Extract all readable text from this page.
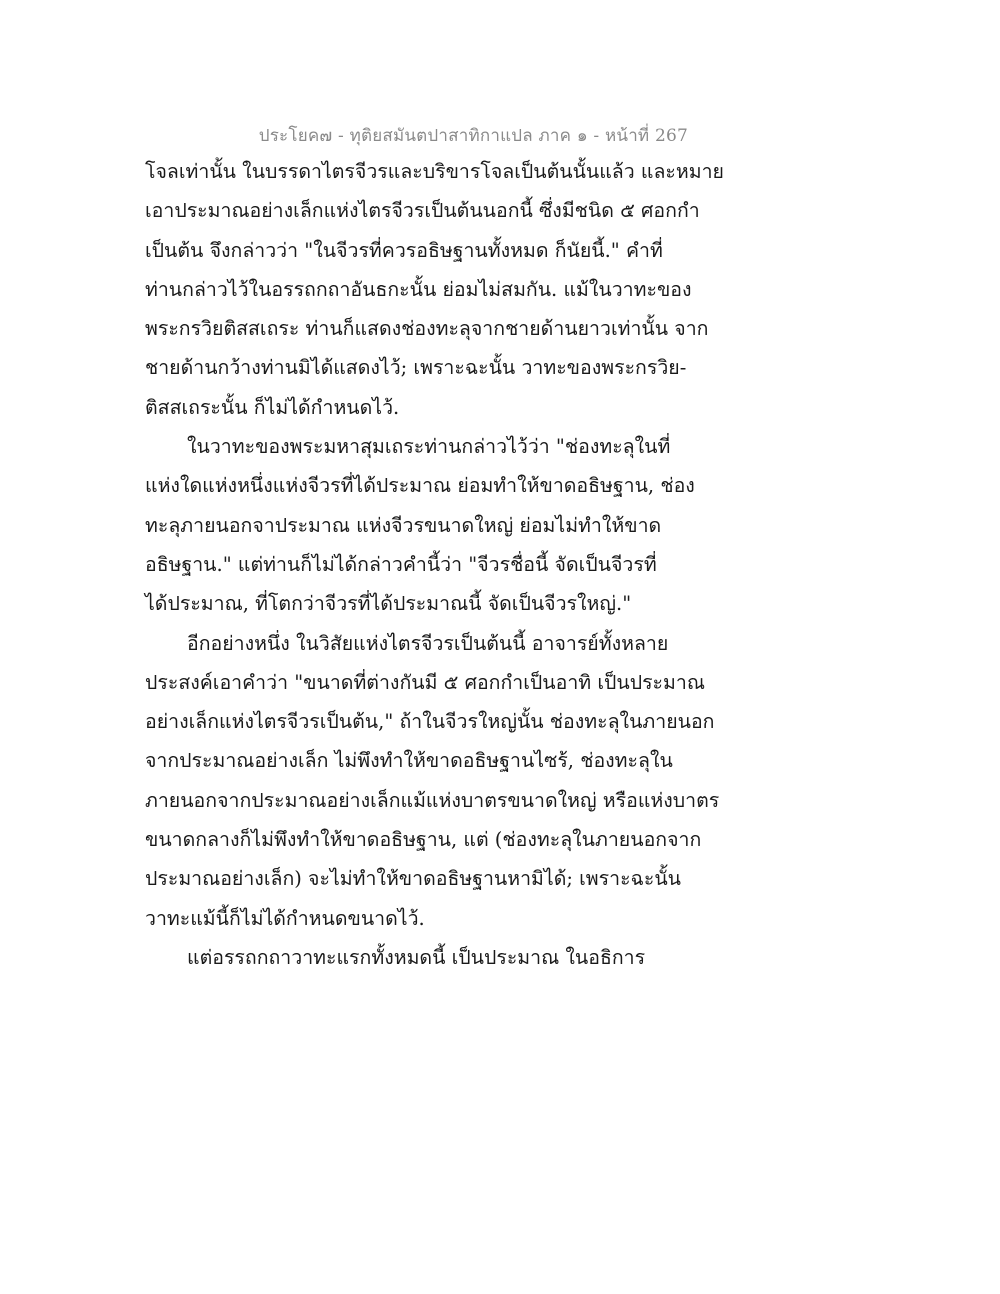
ประโยค๗ - ทุติยสมันตปาสาทิกาแปล ภาค ๑ - หน้าที่ 267
โจลเท่านั้น ในบรรดาไตรจีวรและบริขารโจลเป็นต้นนั้นแล้ว และหมาย
เอาประมาณอย่างเล็กแห่งไตรจีวรเป็นต้นนอกนี้ ซึ่งมีชนิด ๕ ศอกกำ
เป็นต้น จึงกล่าวว่า "ในจีวรที่ควรอธิษฐานทั้งหมด ก็นัยนี้." คำที่
ท่านกล่าวไว้ในอรรถกถาอันธกะนั้น ย่อมไม่สมกัน. แม้ในวาทะของ
พระกรวิยติสสเถระ ท่านก็แสดงช่องทะลุจากชายด้านยาวเท่านั้น จาก
ชายด้านกว้างท่านมิได้แสดงไว้; เพราะฉะนั้น วาทะของพระกรวิย-
ติสสเถระนั้น ก็ไม่ได้กำหนดไว้.
ในวาทะของพระมหาสุมเถระท่านกล่าวไว้ว่า "ช่องทะลุในที่
แห่งใดแห่งหนึ่งแห่งจีวรที่ได้ประมาณ ย่อมทำให้ขาดอธิษฐาน, ช่อง
ทะลุภายนอกจาประมาณ แห่งจีวรขนาดใหญ่ ย่อมไม่ทำให้ขาด
อธิษฐาน." แต่ท่านก็ไม่ได้กล่าวคำนี้ว่า "จีวรชื่อนี้ จัดเป็นจีวรที่
ได้ประมาณ, ที่โตกว่าจีวรที่ได้ประมาณนี้ จัดเป็นจีวรใหญ่."
อีกอย่างหนึ่ง ในวิสัยแห่งไตรจีวรเป็นต้นนี้ อาจารย์ทั้งหลาย
ประสงค์เอาคำว่า "ขนาดที่ต่างกันมี ๕ ศอกกำเป็นอาทิ เป็นประมาณ
อย่างเล็กแห่งไตรจีวรเป็นต้น," ถ้าในจีวรใหญ่นั้น ช่องทะลุในภายนอก
จากประมาณอย่างเล็ก ไม่พึงทำให้ขาดอธิษฐานไซร้, ช่องทะลุใน
ภายนอกจากประมาณอย่างเล็กแม้แห่งบาตรขนาดใหญ่ หรือแห่งบาตร
ขนาดกลางก็ไม่พึงทำให้ขาดอธิษฐาน, แต่ (ช่องทะลุในภายนอกจาก
ประมาณอย่างเล็ก) จะไม่ทำให้ขาดอธิษฐานหามิได้; เพราะฉะนั้น
วาทะแม้นี้ก็ไม่ได้กำหนดขนาดไว้.
แต่อรรถกถาวาทะแรกทั้งหมดนี้ เป็นประมาณ ในอธิการ
